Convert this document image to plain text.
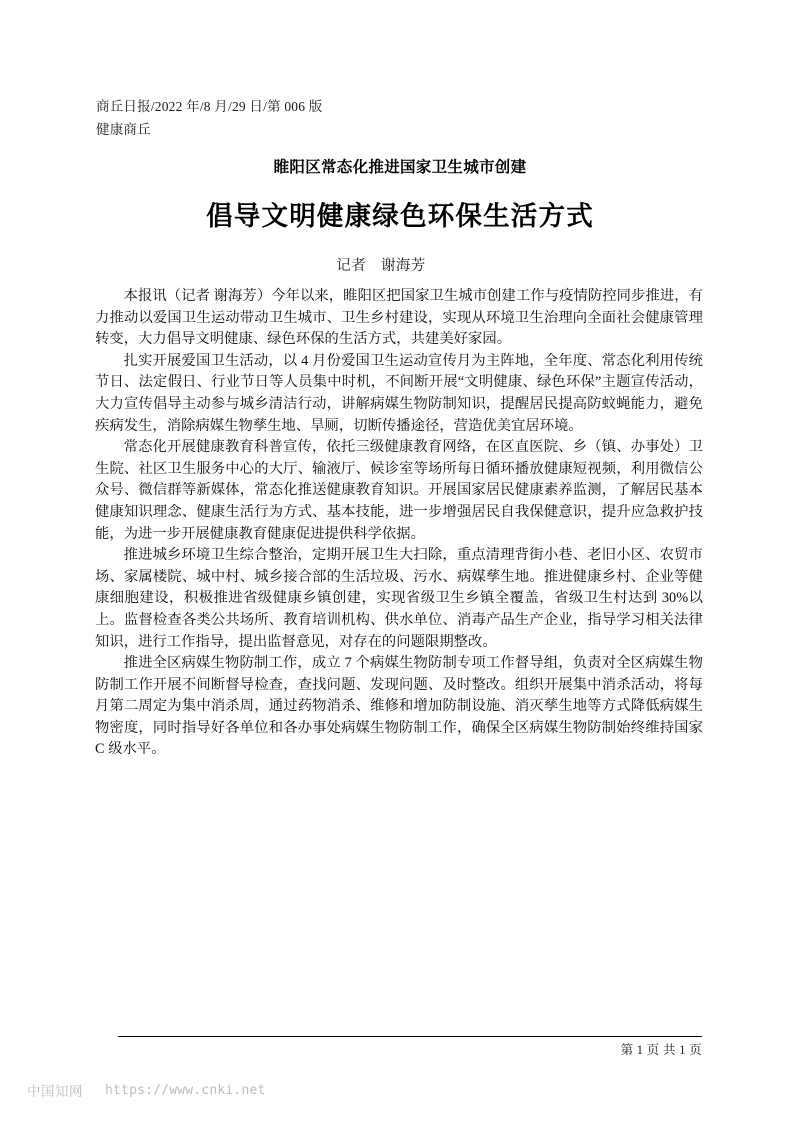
商丘日报/2022 年/8 月/29 日/第 006 版
健康商丘
睢阳区常态化推进国家卫生城市创建
倡导文明健康绿色环保生活方式
记者　谢海芳

本报讯（记者 谢海芳）今年以来，睢阳区把国家卫生城市创建工作与疫情防控同步推进，有力推动以爱国卫生运动带动卫生城市、卫生乡村建设，实现从环境卫生治理向全面社会健康管理转变，大力倡导文明健康、绿色环保的生活方式，共建美好家园。

扎实开展爱国卫生活动，以 4 月份爱国卫生运动宣传月为主阵地，全年度、常态化利用传统节日、法定假日、行业节日等人员集中时机，不间断开展“文明健康、绿色环保”主题宣传活动，大力宣传倡导主动参与城乡清洁行动，讲解病媒生物防制知识，提醒居民提高防蚊蝇能力，避免疾病发生，消除病媒生物孳生地、旱厕，切断传播途径，营造优美宜居环境。

常态化开展健康教育科普宣传，依托三级健康教育网络，在区直医院、乡（镇、办事处）卫生院、社区卫生服务中心的大厅、输液厅、候诊室等场所每日循环播放健康短视频，利用微信公众号、微信群等新媒体，常态化推送健康教育知识。开展国家居民健康素养监测，了解居民基本健康知识理念、健康生活行为方式、基本技能，进一步增强居民自我保健意识，提升应急救护技能，为进一步开展健康教育健康促进提供科学依据。

推进城乡环境卫生综合整治，定期开展卫生大扫除，重点清理背街小巷、老旧小区、农贸市场、家属楼院、城中村、城乡接合部的生活垃圾、污水、病媒孳生地。推进健康乡村、企业等健康细胞建设，积极推进省级健康乡镇创建，实现省级卫生乡镇全覆盖，省级卫生村达到 30%以上。监督检查各类公共场所、教育培训机构、供水单位、消毒产品生产企业，指导学习相关法律知识，进行工作指导，提出监督意见，对存在的问题限期整改。

推进全区病媒生物防制工作，成立 7 个病媒生物防制专项工作督导组，负责对全区病媒生物防制工作开展不间断督导检查，查找问题、发现问题、及时整改。组织开展集中消杀活动，将每月第二周定为集中消杀周，通过药物消杀、维修和增加防制设施、消灭孳生地等方式降低病媒生物密度，同时指导好各单位和各办事处病媒生物防制工作，确保全区病媒生物防制始终维持国家 C 级水平。

第 1 页 共 1 页
中国知网 https://www.cnki.net
